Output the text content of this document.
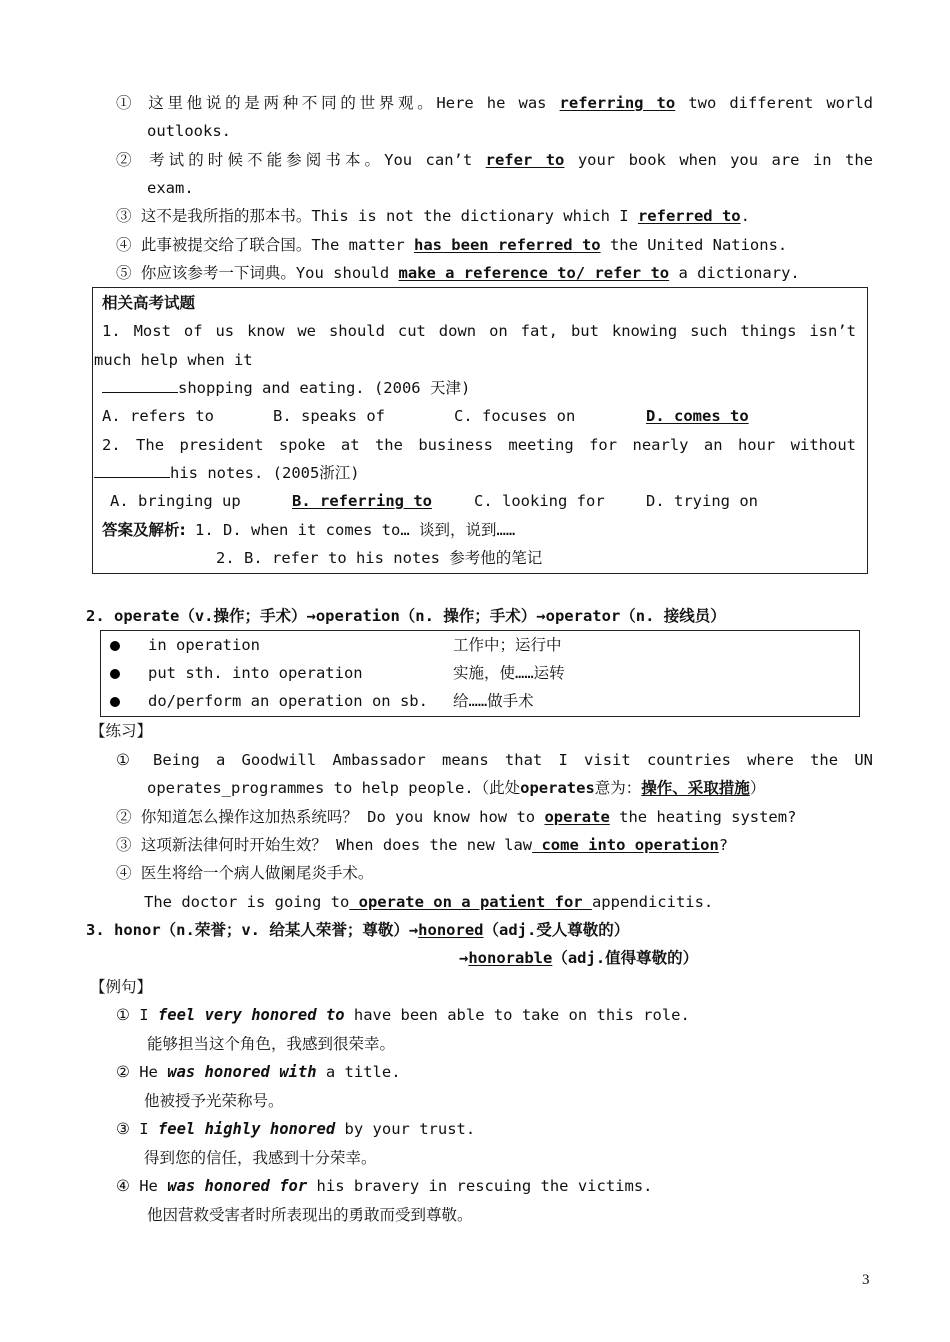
① 这里他说的是两种不同的世界观。Here he was referring to two different world
outlooks.
② 考试的时候不能参阅书本。You can’t refer to your book when you are in the
exam.
③ 这不是我所指的那本书。This is not the dictionary which I referred to.
④ 此事被提交给了联合国。The matter has been referred to the United Nations.
⑤ 你应该参考一下词典。You should make a reference to/ refer to a dictionary.
相关高考试题
1. Most of us know we should cut down on fat, but knowing such things isn’t
much help when it
shopping and eating. (2006 天津)
A. refers to	B. speaks of	C. focuses on	D. comes to
2. The president spoke at the business meeting for nearly an hour without
his notes. (2005浙江)
A. bringing up	B. referring to	C. looking for	D. trying on
答案及解析: 1. D. when it comes to… 谈到，说到……
2. B. refer to his notes 参考他的笔记
2. operate（v.操作；手术）→operation（n. 操作；手术）→operator（n. 接线员）
in operation	工作中；运行中
put sth. into operation	实施，使……运转
do/perform an operation on sb. 给……做手术
【练习】
① Being a Goodwill Ambassador means that I visit countries where the UN
operates_programmes to help people.（此处operates意为：操作、采取措施）
② 你知道怎么操作这加热系统吗？ Do you know how to operate the heating system?
③ 这项新法律何时开始生效？ When does the new law come into operation?
④ 医生将给一个病人做阑尾炎手术。
The doctor is going to operate on a patient for appendicitis.
3. honor（n.荣誉；v. 给某人荣誉；尊敬）→honored（adj.受人尊敬的）
→honorable（adj.值得尊敬的）
【例句】
① I feel very honored to have been able to take on this role.
能够担当这个角色，我感到很荣幸。
② He was honored with a title.
他被授予光荣称号。
③ I feel highly honored by your trust.
得到您的信任，我感到十分荣幸。
④ He was honored for his bravery in rescuing the victims.
他因营救受害者时所表现出的勇敢而受到尊敬。
3
